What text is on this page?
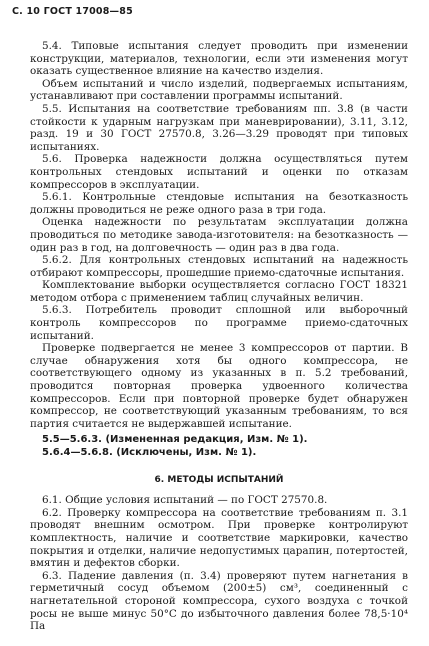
С. 10 ГОСТ 17008—85

5.4. Типовые испытания следует проводить при изменении конструкции, материалов, технологии, если эти изменения могут оказать существенное влияние на качество изделия.

Объем испытаний и число изделий, подвергаемых испытаниям, устанавливают при составлении программы испытаний.

5.5. Испытания на соответствие требованиям пп. 3.8 (в части стойкости к ударным нагрузкам при маневрировании), 3.11, 3.12, разд. 19 и 30 ГОСТ 27570.8, 3.26—3.29 проводят при типовых испытаниях.

5.6. Проверка надежности должна осуществляться путем контрольных стендовых испытаний и оценки по отказам компрессоров в эксплуатации.

5.6.1. Контрольные стендовые испытания на безотказность должны проводиться не реже одного раза в три года.

Оценка надежности по результатам эксплуатации должна проводиться по методике завода-изготовителя: на безотказность — один раз в год, на долговечность — один раз в два года.

5.6.2. Для контрольных стендовых испытаний на надежность отбирают компрессоры, прошедшие приемо-сдаточные испытания.

Комплектование выборки осуществляется согласно ГОСТ 18321 методом отбора с применением таблиц случайных величин.

5.6.3. Потребитель проводит сплошной или выборочный контроль компрессоров по программе приемо-сдаточных испытаний.

Проверке подвергается не менее 3 компрессоров от партии. В случае обнаружения хотя бы одного компрессора, не соответствующего одному из указанных в п. 5.2 требований, проводится повторная проверка удвоенного количества компрессоров. Если при повторной проверке будет обнаружен компрессор, не соответствующий указанным требованиям, то вся партия считается не выдержавшей испытание.

5.5—5.6.3. (Измененная редакция, Изм. № 1).

5.6.4—5.6.8. (Исключены, Изм. № 1).

6. МЕТОДЫ ИСПЫТАНИЙ

6.1. Общие условия испытаний — по ГОСТ 27570.8.

6.2. Проверку компрессора на соответствие требованиям п. 3.1 проводят внешним осмотром. При проверке контролируют комплектность, наличие и соответствие маркировки, качество покрытия и отделки, наличие недопустимых царапин, потертостей, вмятин и дефектов сборки.

6.3. Падение давления (п. 3.4) проверяют путем нагнетания в герметичный сосуд объемом (200±5) см³, соединенный с нагнетательной стороной компрессора, сухого воздуха с точкой росы не выше минус 50°С до избыточного давления более 78,5·10⁴ Па
